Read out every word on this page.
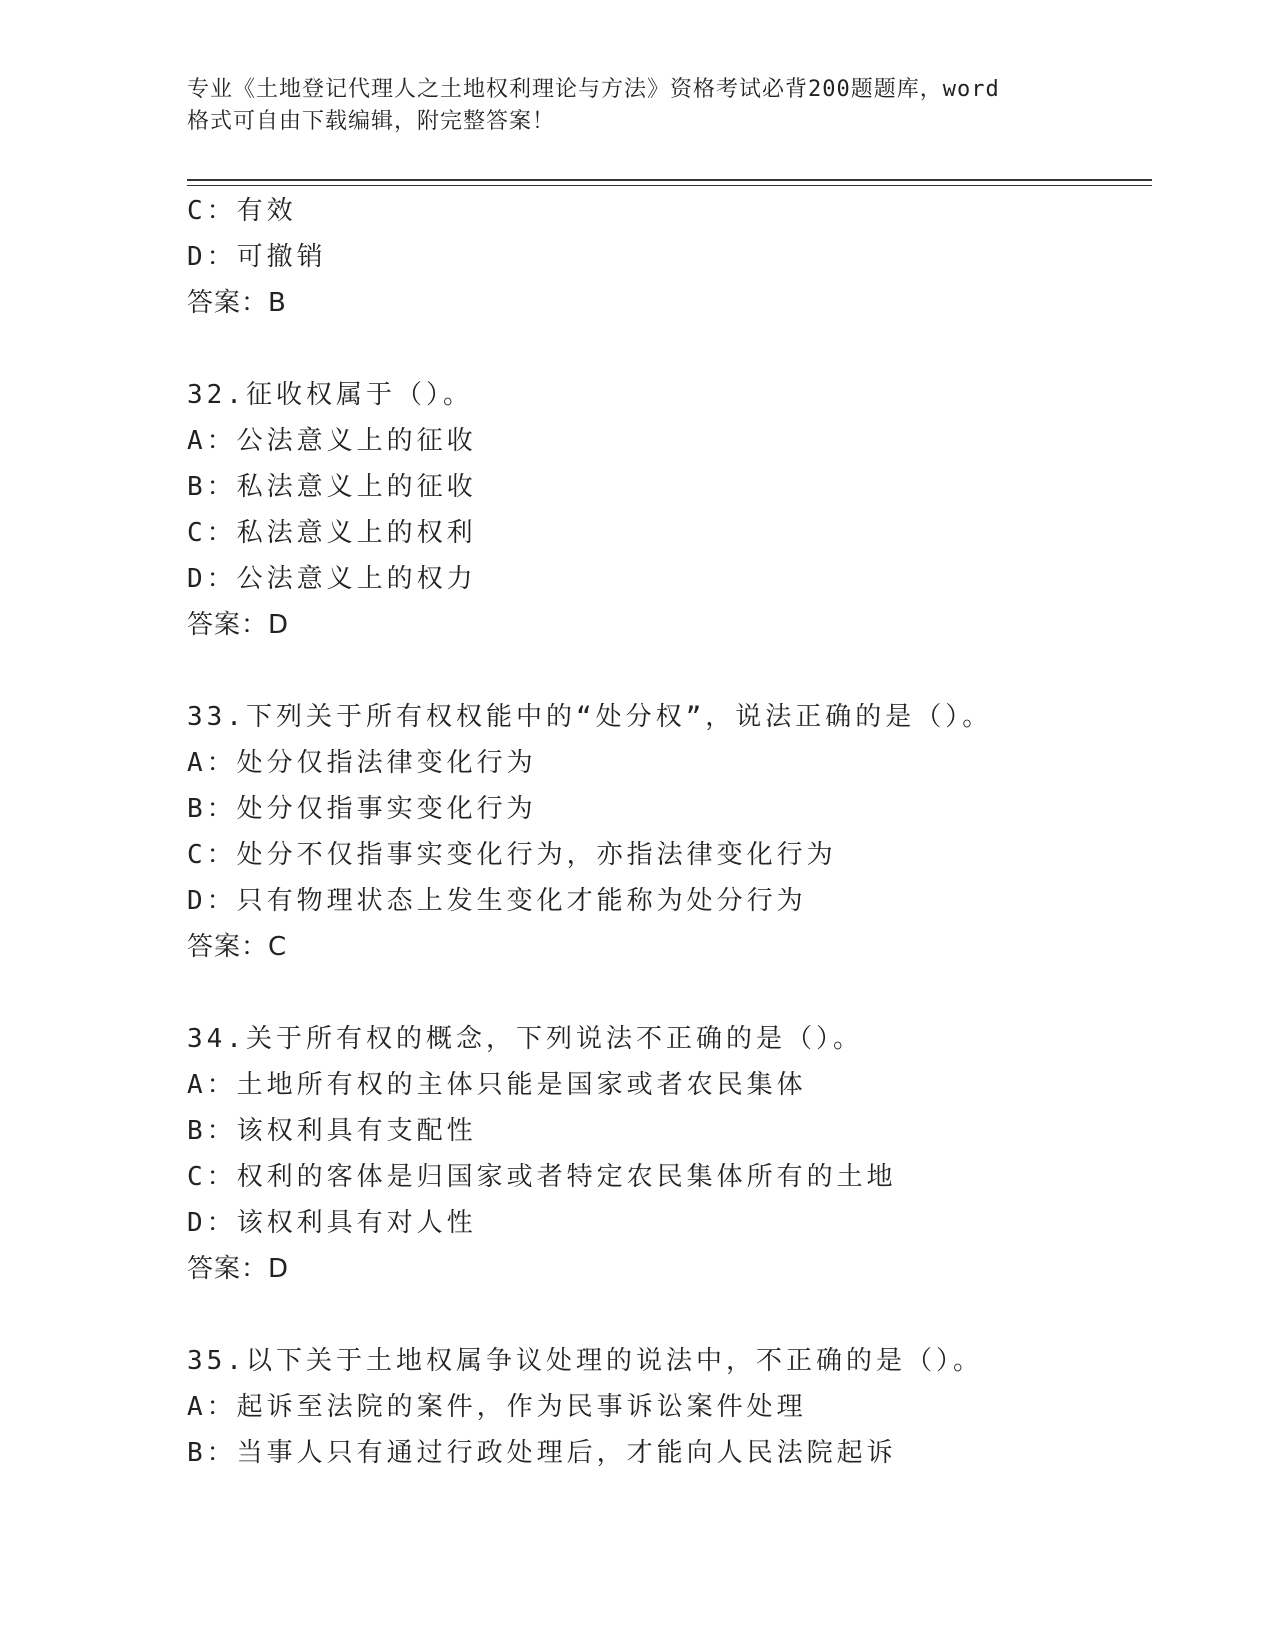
专业《土地登记代理人之土地权利理论与方法》资格考试必背200题题库，word
格式可自由下载编辑，附完整答案！
C：有效
D：可撤销
答案：B
32.征收权属于（）。
A：公法意义上的征收
B：私法意义上的征收
C：私法意义上的权利
D：公法意义上的权力
答案：D
33.下列关于所有权权能中的“处分权”，说法正确的是（）。
A：处分仅指法律变化行为
B：处分仅指事实变化行为
C：处分不仅指事实变化行为，亦指法律变化行为
D：只有物理状态上发生变化才能称为处分行为
答案：C
34.关于所有权的概念，下列说法不正确的是（）。
A：土地所有权的主体只能是国家或者农民集体
B：该权利具有支配性
C：权利的客体是归国家或者特定农民集体所有的土地
D：该权利具有对人性
答案：D
35.以下关于土地权属争议处理的说法中，不正确的是（）。
A：起诉至法院的案件，作为民事诉讼案件处理
B：当事人只有通过行政处理后，才能向人民法院起诉
